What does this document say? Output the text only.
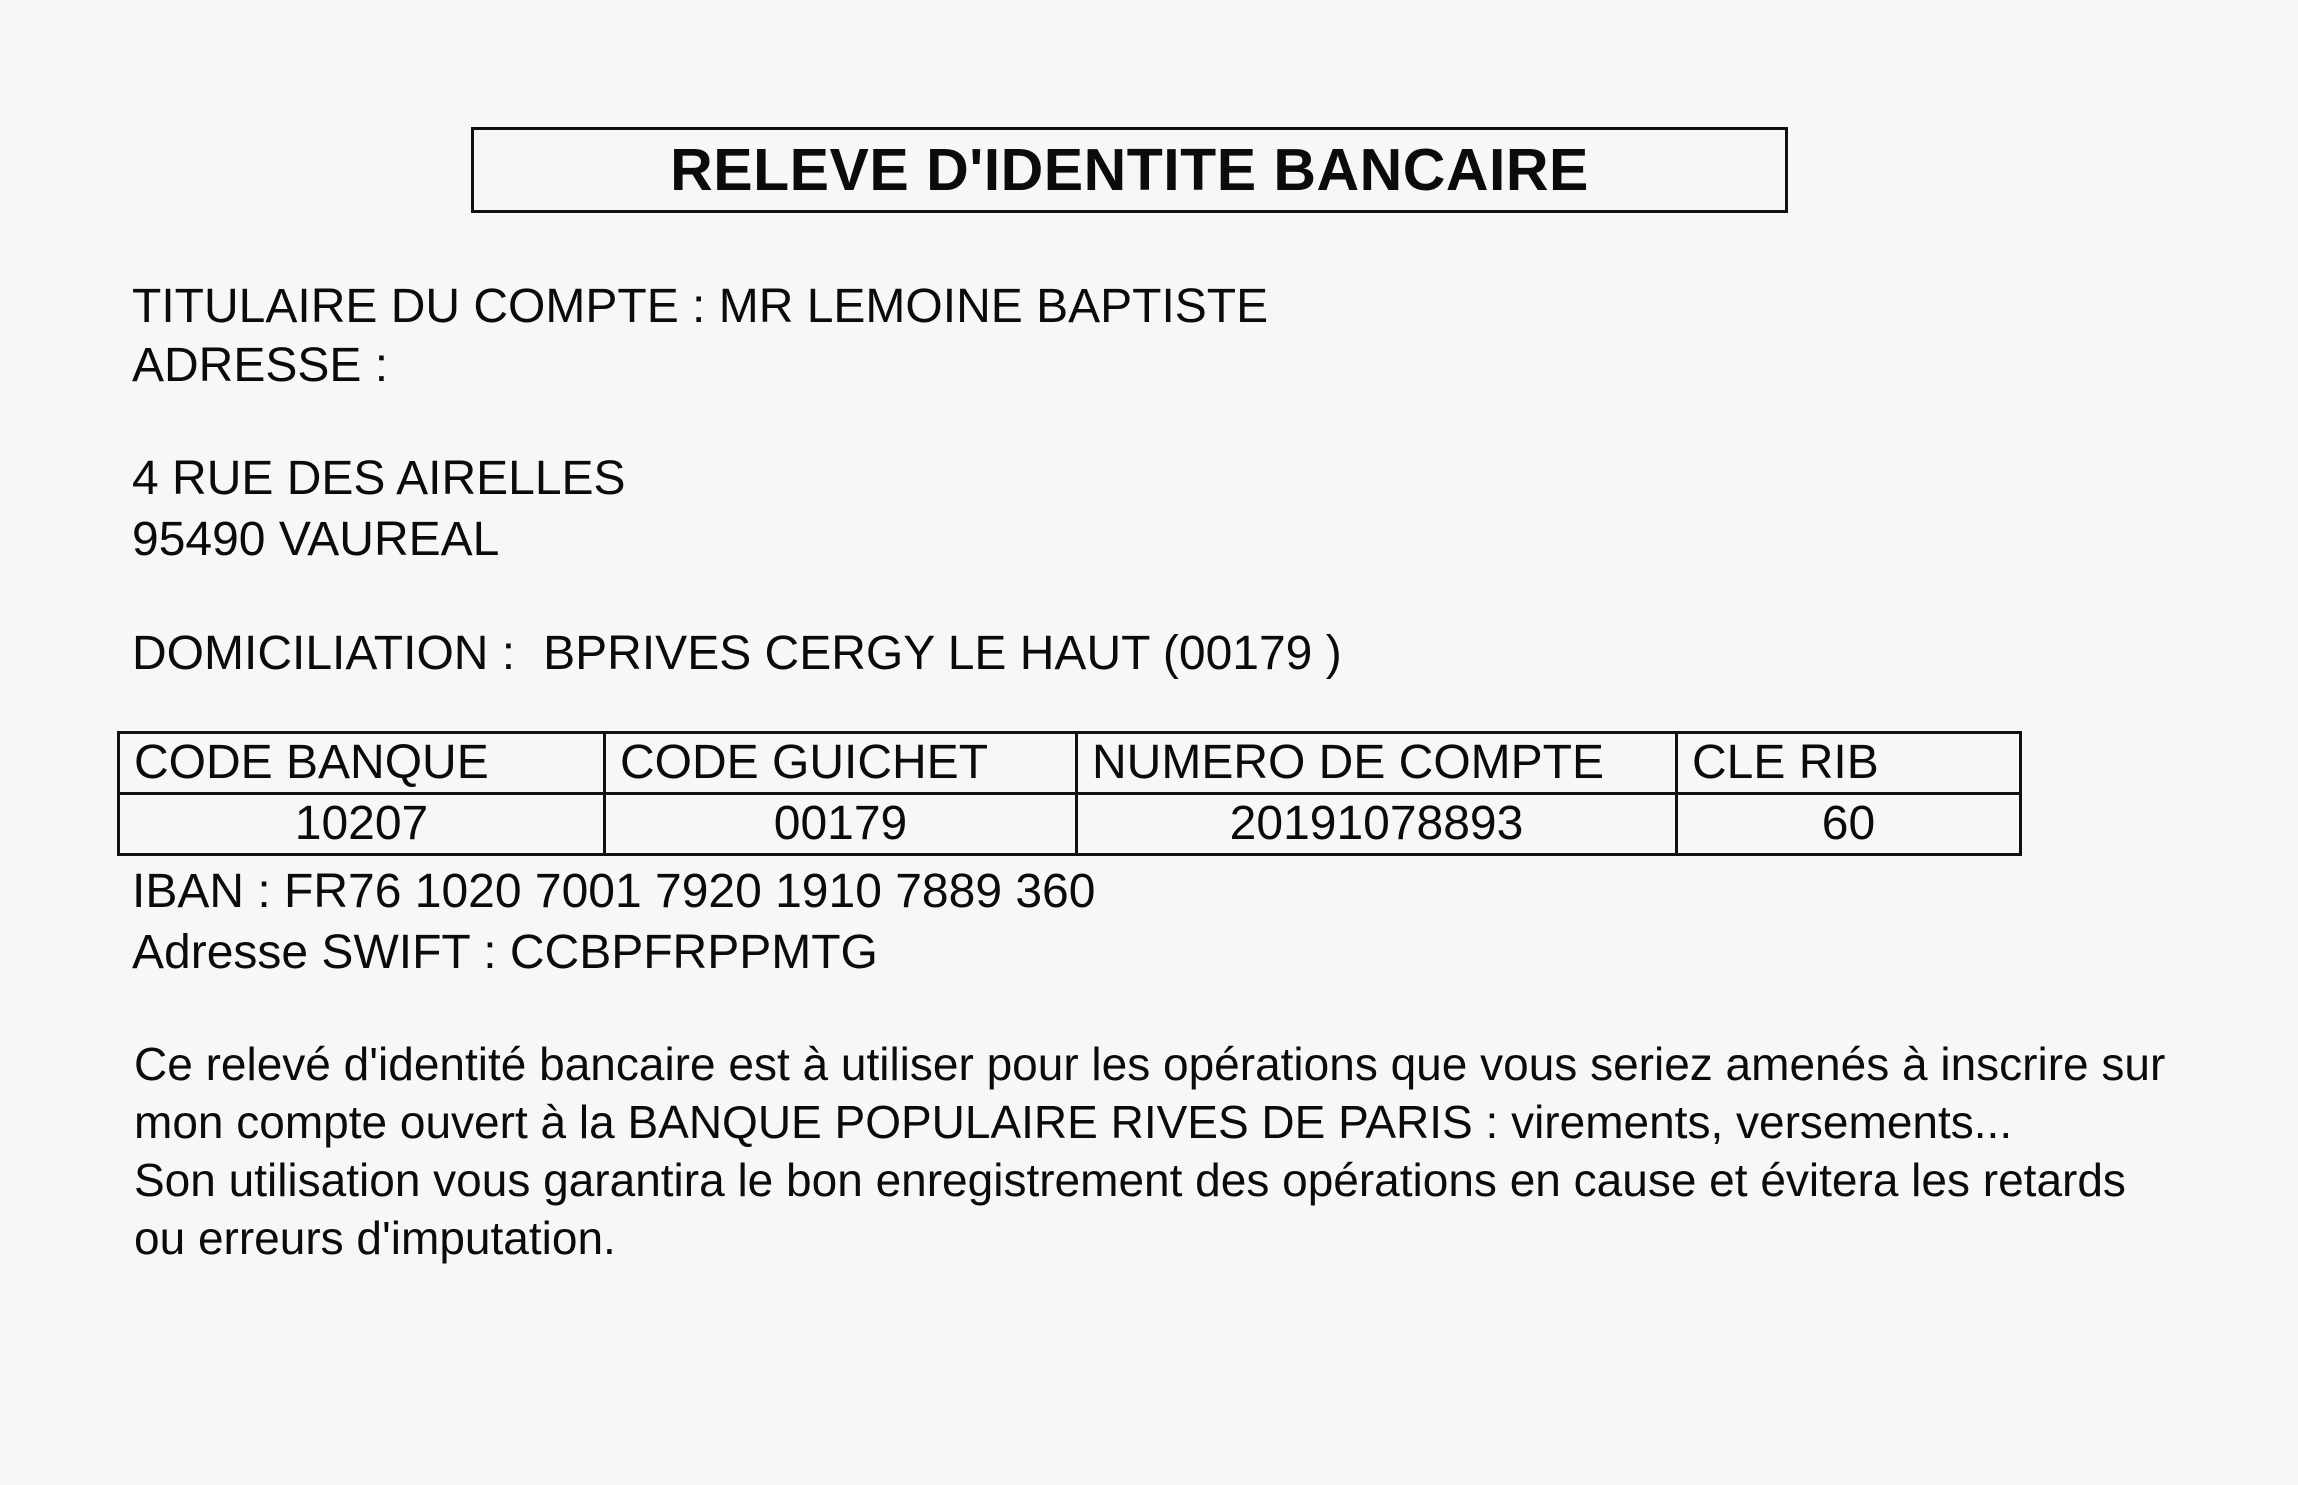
RELEVE D'IDENTITE BANCAIRE
TITULAIRE DU COMPTE : MR LEMOINE BAPTISTE
ADRESSE :
4 RUE DES AIRELLES
95490 VAUREAL
DOMICILIATION : BPRIVES CERGY LE HAUT (00179 )
CODE BANQUE	CODE GUICHET	NUMERO DE COMPTE	CLE RIB
10207	00179	20191078893	60
IBAN : FR76 1020 7001 7920 1910 7889 360
Adresse SWIFT : CCBPFRPPMTG

Ce relevé d'identité bancaire est à utiliser pour les opérations que vous seriez amenés à inscrire sur mon compte ouvert à la BANQUE POPULAIRE RIVES DE PARIS : virements, versements...

Son utilisation vous garantira le bon enregistrement des opérations en cause et évitera les retards ou erreurs d'imputation.
